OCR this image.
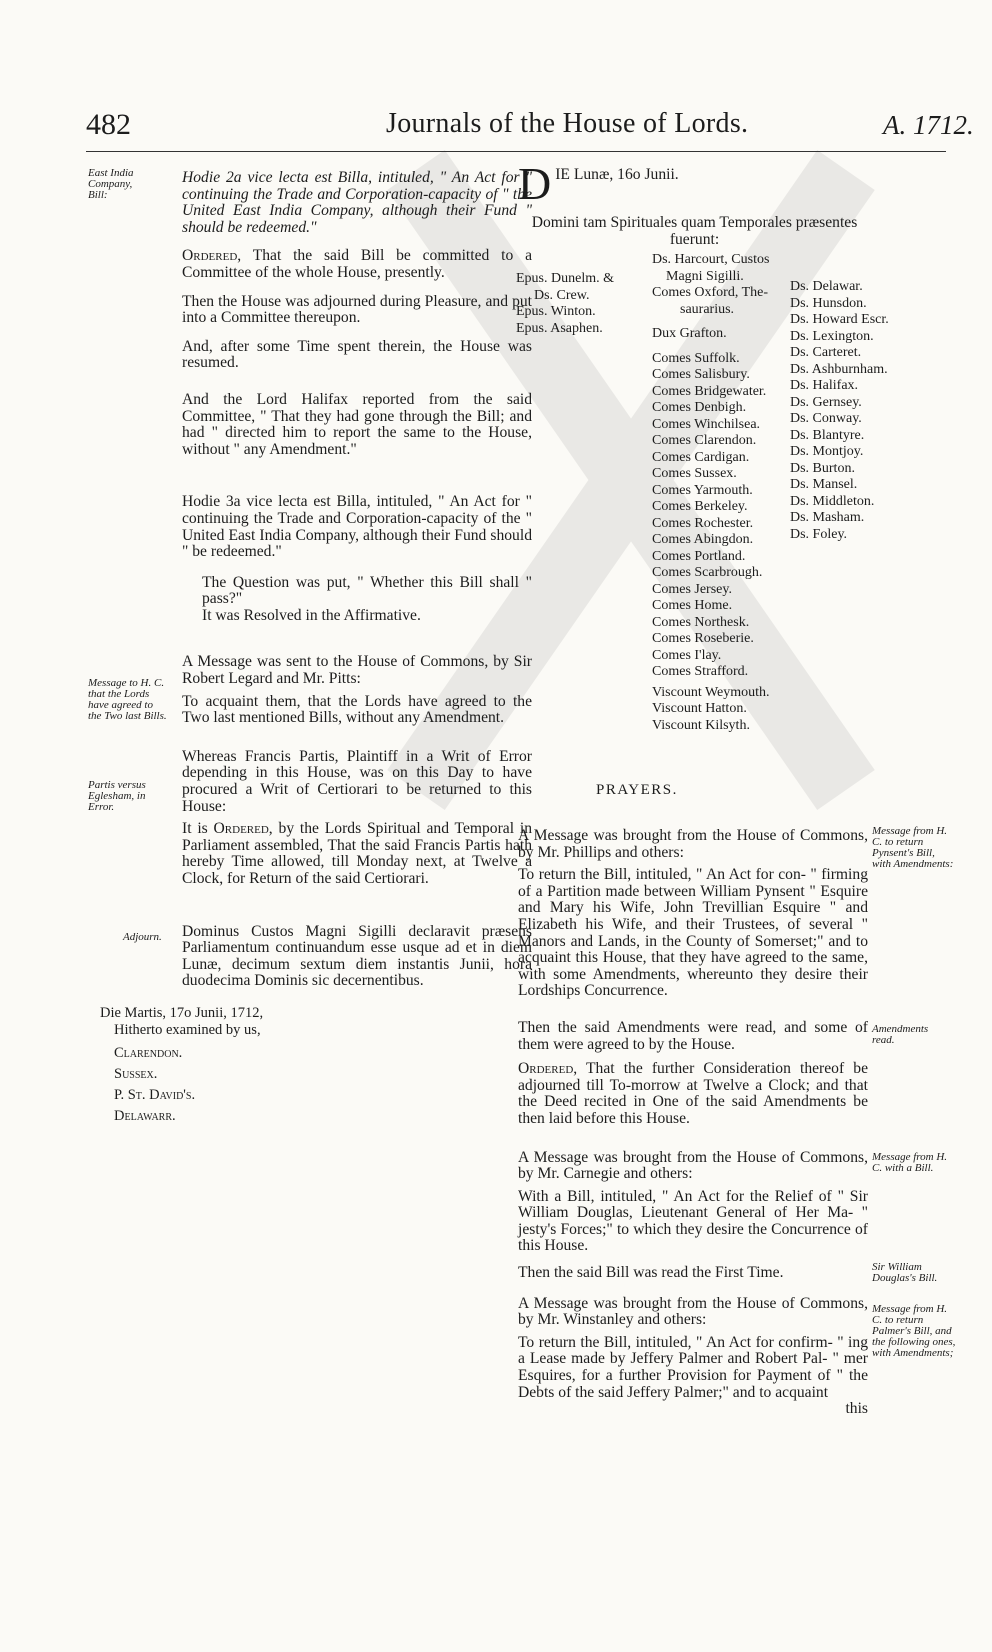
482	Journals of the House of Lords.	A. 1712.
East India Company, Bill:
Message to H. C. that the Lords have agreed to the Two last Bills.
Partis versus Eglesham, in Error.
Adjourn.

Hodie 2a vice lecta est Billa, intituled, " An Act for " continuing the Trade and Corporation-capacity of " the United East India Company, although their Fund " should be redeemed."

Ordered, That the said Bill be committed to a Committee of the whole House, presently.

Then the House was adjourned during Pleasure, and put into a Committee thereupon.

And, after some Time spent therein, the House was resumed.

And the Lord Halifax reported from the said Committee, " That they had gone through the Bill; and had " directed him to report the same to the House, without " any Amendment."

Hodie 3a vice lecta est Billa, intituled, " An Act for " continuing the Trade and Corporation-capacity of the " United East India Company, although their Fund should " be redeemed."

The Question was put, " Whether this Bill shall " pass?"

It was Resolved in the Affirmative.

A Message was sent to the House of Commons, by Sir Robert Legard and Mr. Pitts:

To acquaint them, that the Lords have agreed to the Two last mentioned Bills, without any Amendment.

Whereas Francis Partis, Plaintiff in a Writ of Error depending in this House, was on this Day to have procured a Writ of Certiorari to be returned to this House:

It is Ordered, by the Lords Spiritual and Temporal in Parliament assembled, That the said Francis Partis hath hereby Time allowed, till Monday next, at Twelve a Clock, for Return of the said Certiorari.

Dominus Custos Magni Sigilli declaravit præsens Parliamentum continuandum esse usque ad et in diem Lunæ, decimum sextum diem instantis Junii, hora duodecima Dominis sic decernentibus.

Die Martis, 17o Junii, 1712,
Hitherto examined by us,
Clarendon.
Sussex.
P. St. David's.
Delawarr.
D IE Lunæ, 16o Junii.
Domini tam Spirituales quam Temporales præsentes fuerunt:
Epus. Dunelm. &
Ds. Crew.
Epus. Winton.
Epus. Asaphen.
Ds. Harcourt, Custos
Magni Sigilli.
Comes Oxford, The-
saurarius.
Dux Grafton.
Comes Suffolk.
Comes Salisbury.
Comes Bridgewater.
Comes Denbigh.
Comes Winchilsea.
Comes Clarendon.
Comes Cardigan.
Comes Sussex.
Comes Yarmouth.
Comes Berkeley.
Comes Rochester.
Comes Abingdon.
Comes Portland.
Comes Scarbrough.
Comes Jersey.
Comes Home.
Comes Northesk.
Comes Roseberie.
Comes I'lay.
Comes Strafford.
Viscount Weymouth.
Viscount Hatton.
Viscount Kilsyth.
Ds. Delawar.
Ds. Hunsdon.
Ds. Howard Escr.
Ds. Lexington.
Ds. Carteret.
Ds. Ashburnham.
Ds. Halifax.
Ds. Gernsey.
Ds. Conway.
Ds. Blantyre.
Ds. Montjoy.
Ds. Burton.
Ds. Mansel.
Ds. Middleton.
Ds. Masham.
Ds. Foley.
PRAYERS.
Message from H. C. to return Pynsent's Bill, with Amendments:
Amendments read.
Message from H. C. with a Bill.
Sir William Douglas's Bill.
Message from H. C. to return Palmer's Bill, and the following ones, with Amendments;

A Message was brought from the House of Commons, by Mr. Phillips and others:

To return the Bill, intituled, " An Act for con- " firming of a Partition made between William Pynsent " Esquire and Mary his Wife, John Trevillian Esquire " and Elizabeth his Wife, and their Trustees, of several " Manors and Lands, in the County of Somerset;" and to acquaint this House, that they have agreed to the same, with some Amendments, whereunto they desire their Lordships Concurrence.

Then the said Amendments were read, and some of them were agreed to by the House.

Ordered, That the further Consideration thereof be adjourned till To-morrow at Twelve a Clock; and that the Deed recited in One of the said Amendments be then laid before this House.

A Message was brought from the House of Commons, by Mr. Carnegie and others:

With a Bill, intituled, " An Act for the Relief of " Sir William Douglas, Lieutenant General of Her Ma- " jesty's Forces;" to which they desire the Concurrence of this House.

Then the said Bill was read the First Time.

A Message was brought from the House of Commons, by Mr. Winstanley and others:

To return the Bill, intituled, " An Act for confirm- " ing a Lease made by Jeffery Palmer and Robert Pal- " mer Esquires, for a further Provision for Payment of " the Debts of the said Jeffery Palmer;" and to acquaint

this
